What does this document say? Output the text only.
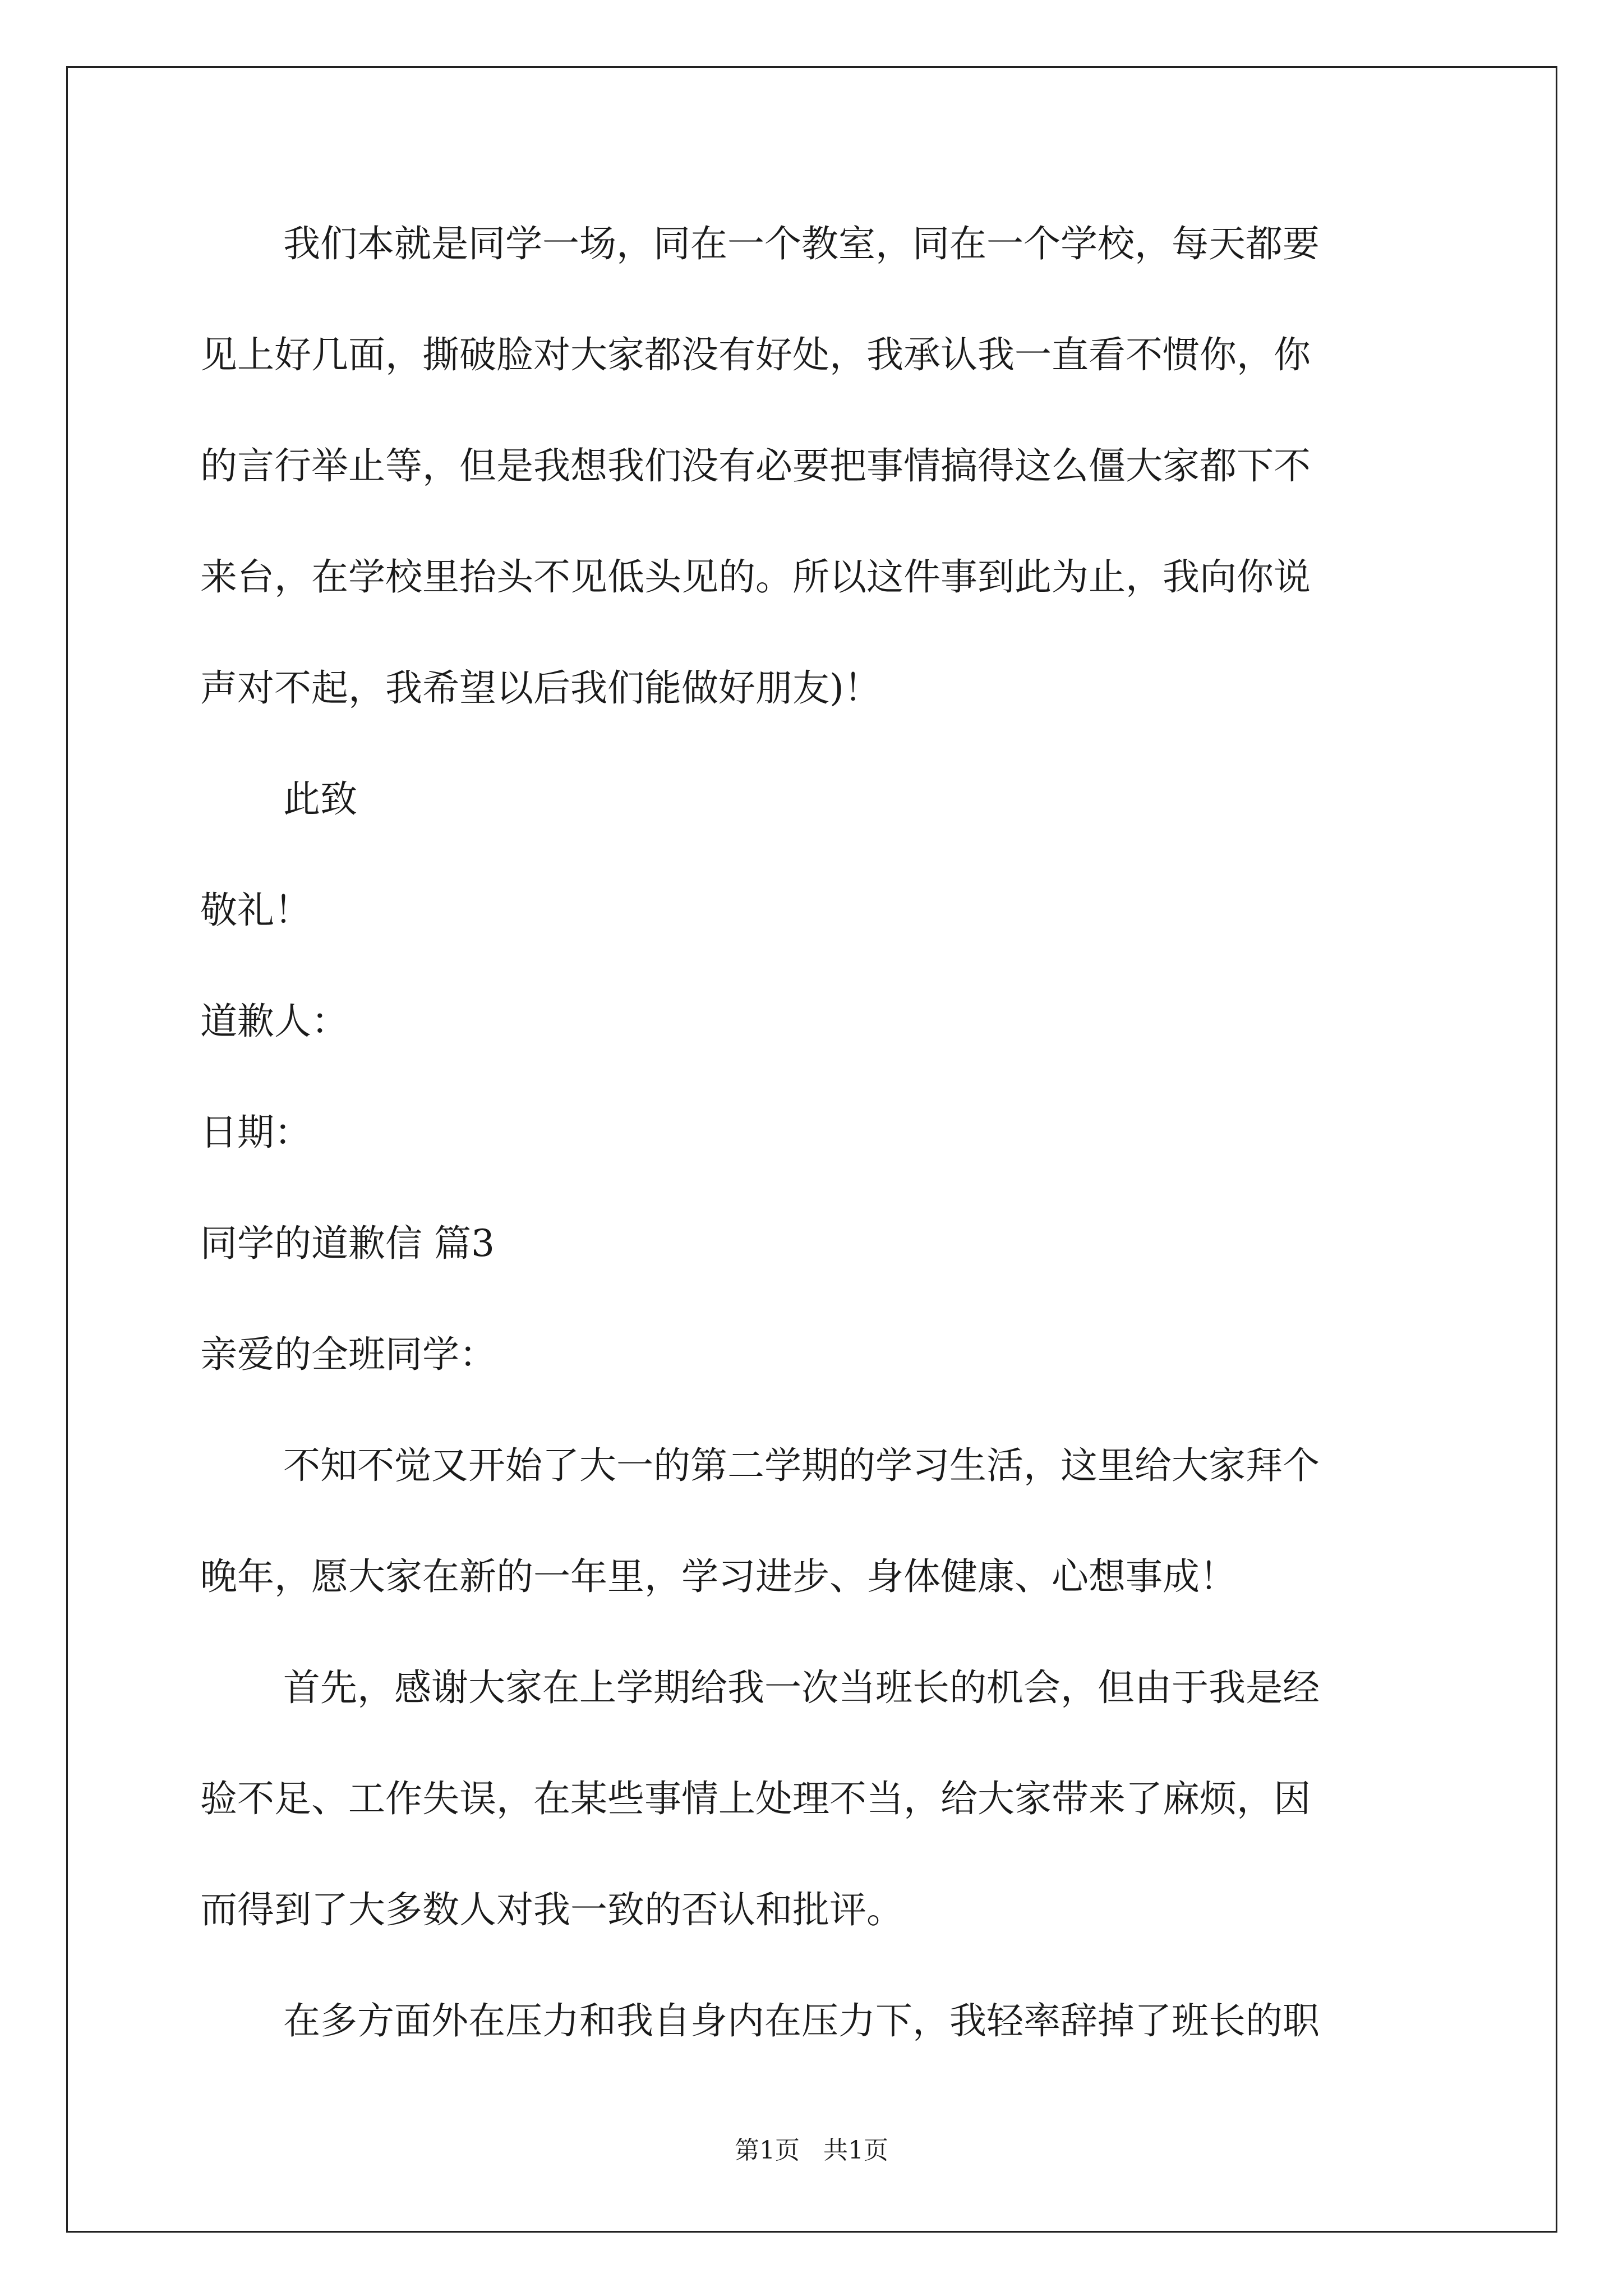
我们本就是同学一场，同在一个教室，同在一个学校，每天都要
见上好几面，撕破脸对大家都没有好处，我承认我一直看不惯你，你
的言行举止等，但是我想我们没有必要把事情搞得这么僵大家都下不
来台，在学校里抬头不见低头见的。所以这件事到此为止，我向你说
声对不起，我希望以后我们能做好朋友)！
此致
敬礼！
道歉人：
日期：
同学的道歉信 篇3
亲爱的全班同学：
不知不觉又开始了大一的第二学期的学习生活，这里给大家拜个
晚年，愿大家在新的一年里，学习进步、身体健康、心想事成！
首先，感谢大家在上学期给我一次当班长的机会，但由于我是经
验不足、工作失误，在某些事情上处理不当，给大家带来了麻烦，因
而得到了大多数人对我一致的否认和批评。
在多方面外在压力和我自身内在压力下，我轻率辞掉了班长的职
第1页   共1页
